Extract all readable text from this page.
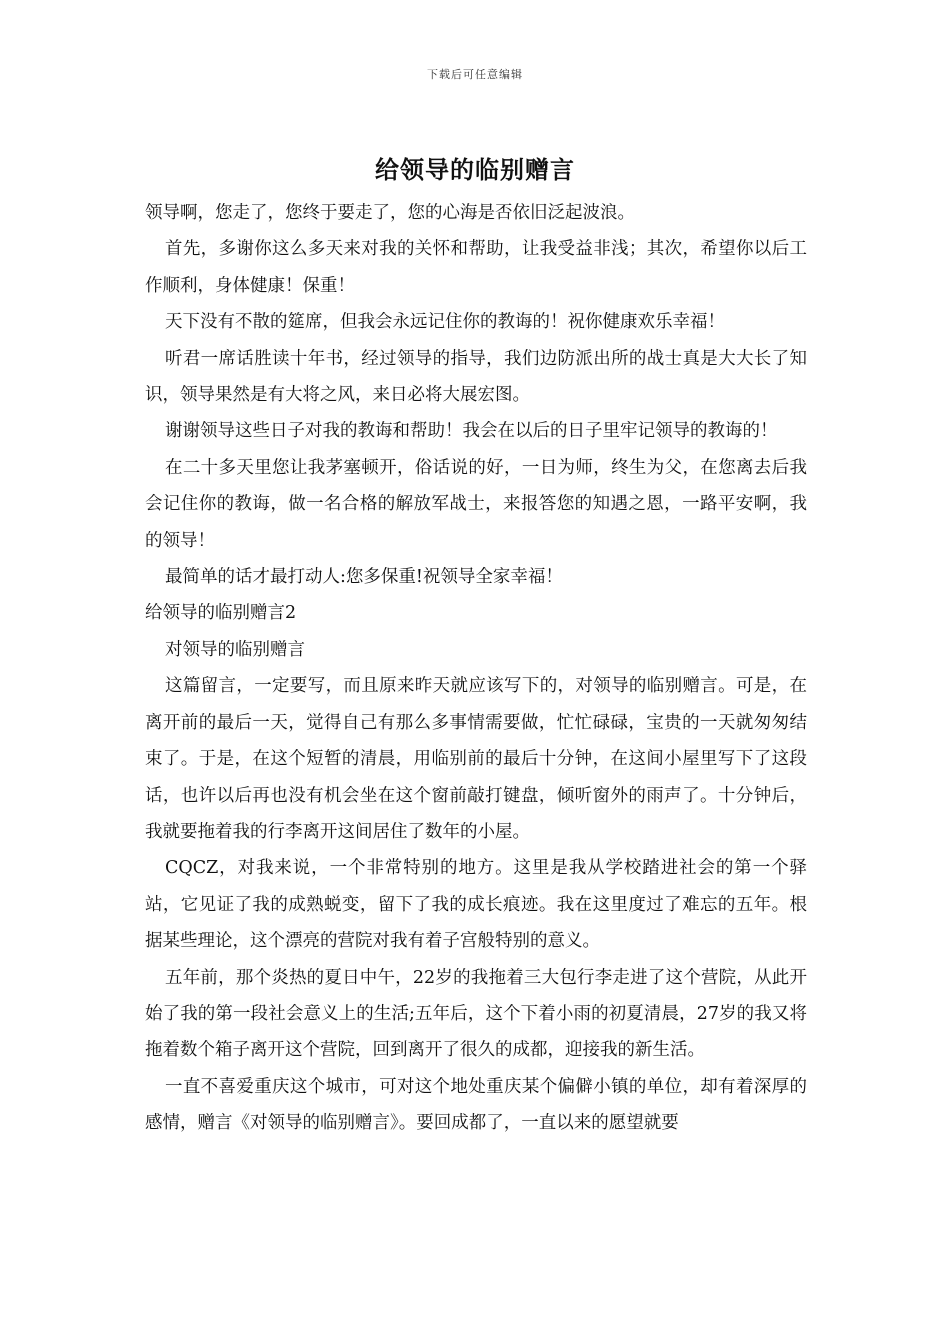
下载后可任意编辑
给领导的临别赠言

领导啊，您走了，您终于要走了，您的心海是否依旧泛起波浪。

首先，多谢你这么多天来对我的关怀和帮助，让我受益非浅；其次，希望你以后工作顺利，身体健康！保重！

天下没有不散的筵席，但我会永远记住你的教诲的！祝你健康欢乐幸福！

听君一席话胜读十年书，经过领导的指导，我们边防派出所的战士真是大大长了知识，领导果然是有大将之风，来日必将大展宏图。

谢谢领导这些日子对我的教诲和帮助！我会在以后的日子里牢记领导的教诲的！

在二十多天里您让我茅塞顿开，俗话说的好，一日为师，终生为父，在您离去后我会记住你的教诲，做一名合格的解放军战士，来报答您的知遇之恩，一路平安啊，我的领导！

最简单的话才最打动人:您多保重!祝领导全家幸福！

给领导的临别赠言2

对领导的临别赠言

这篇留言，一定要写，而且原来昨天就应该写下的，对领导的临别赠言。可是，在离开前的最后一天，觉得自己有那么多事情需要做，忙忙碌碌，宝贵的一天就匆匆结束了。于是，在这个短暂的清晨，用临别前的最后十分钟，在这间小屋里写下了这段话，也许以后再也没有机会坐在这个窗前敲打键盘，倾听窗外的雨声了。十分钟后，我就要拖着我的行李离开这间居住了数年的小屋。

CQCZ，对我来说，一个非常特别的地方。这里是我从学校踏进社会的第一个驿站，它见证了我的成熟蜕变，留下了我的成长痕迹。我在这里度过了难忘的五年。根据某些理论，这个漂亮的营院对我有着子宫般特别的意义。

五年前，那个炎热的夏日中午，22岁的我拖着三大包行李走进了这个营院，从此开始了我的第一段社会意义上的生活;五年后，这个下着小雨的初夏清晨，27岁的我又将拖着数个箱子离开这个营院，回到离开了很久的成都，迎接我的新生活。

一直不喜爱重庆这个城市，可对这个地处重庆某个偏僻小镇的单位，却有着深厚的感情，赠言《对领导的临别赠言》。要回成都了，一直以来的愿望就要
